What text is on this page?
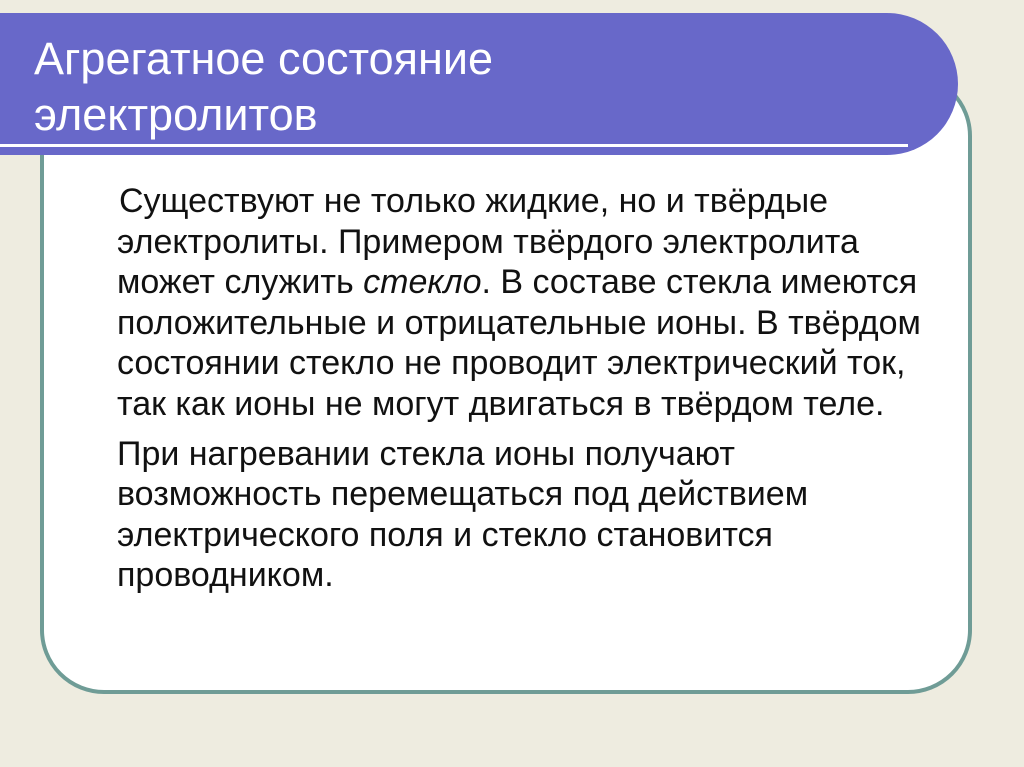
Агрегатное состояние
электролитов

Существуют не только жидкие, но и твёрдые электролиты. Примером твёрдого электролита может служить стекло. В составе стекла имеются положительные и отрицательные ионы. В твёрдом состоянии стекло не проводит электрический ток, так как ионы не могут двигаться в твёрдом теле.

При нагревании стекла ионы получают возможность перемещаться под действием электрического поля и стекло становится проводником.
